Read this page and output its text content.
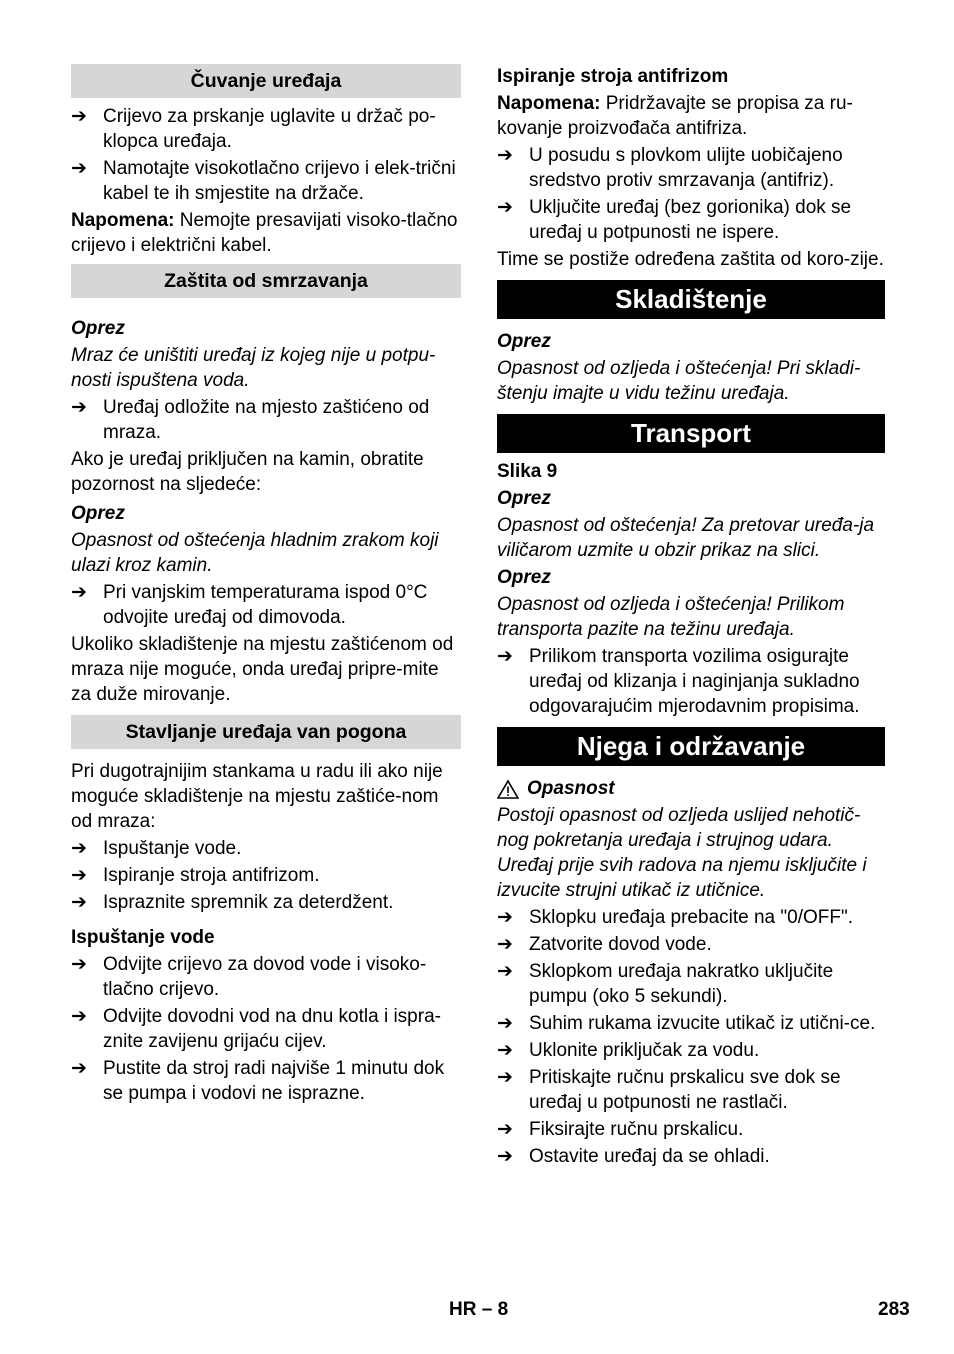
Čuvanje uređaja
➔ Crijevo za prskanje uglavite u držač po-klopca uređaja.
➔ Namotajte visokotlačno crijevo i elek-trični kabel te ih smjestite na držače.

Napomena: Nemojte presavijati visoko-tlačno crijevo i električni kabel.

Zaštita od smrzavanja

Oprez

Mraz će uništiti uređaj iz kojeg nije u potpu-nosti ispuštena voda.

➔ Uređaj odložite na mjesto zaštićeno od mraza.

Ako je uređaj priključen na kamin, obratite pozornost na sljedeće:

Oprez

Opasnost od oštećenja hladnim zrakom koji ulazi kroz kamin.

➔ Pri vanjskim temperaturama ispod 0°C odvojite uređaj od dimovoda.

Ukoliko skladištenje na mjestu zaštićenom od mraza nije moguće, onda uređaj pripre-mite za duže mirovanje.

Stavljanje uređaja van pogona

Pri dugotrajnijim stankama u radu ili ako nije moguće skladištenje na mjestu zaštiće-nom od mraza:

➔ Ispuštanje vode.
➔ Ispiranje stroja antifrizom.
➔ Ispraznite spremnik za deterdžent.

Ispuštanje vode

➔ Odvijte crijevo za dovod vode i visoko-tlačno crijevo.
➔ Odvijte dovodni vod na dnu kotla i ispra-znite zavijenu grijaću cijev.
➔ Pustite da stroj radi najviše 1 minutu dok se pumpa i vodovi ne isprazne.

Ispiranje stroja antifrizom

Napomena: Pridržavajte se propisa za ru-kovanje proizvođača antifriza.

➔ U posudu s plovkom ulijte uobičajeno sredstvo protiv smrzavanja (antifriz).
➔ Uključite uređaj (bez gorionika) dok se uređaj u potpunosti ne ispere.

Time se postiže određena zaštita od koro-zije.

Skladištenje

Oprez

Opasnost od ozljeda i oštećenja! Pri skladi-štenju imajte u vidu težinu uređaja.

Transport

Slika 9

Oprez

Opasnost od oštećenja! Za pretovar uređa-ja viličarom uzmite u obzir prikaz na slici.

Oprez

Opasnost od ozljeda i oštećenja! Prilikom transporta pazite na težinu uređaja.

➔ Prilikom transporta vozilima osigurajte uređaj od klizanja i naginjanja sukladno odgovarajućim mjerodavnim propisima.
Njega i održavanje

Opasnost

Postoji opasnost od ozljeda uslijed nehotič-nog pokretanja uređaja i strujnog udara. Uređaj prije svih radova na njemu isključite i izvucite strujni utikač iz utičnice.

➔ Sklopku uređaja prebacite na "0/OFF".
➔ Zatvorite dovod vode.
➔ Sklopkom uređaja nakratko uključite pumpu (oko 5 sekundi).
➔ Suhim rukama izvucite utikač iz utični-ce.
➔ Uklonite priključak za vodu.
➔ Pritiskajte ručnu prskalicu sve dok se uređaj u potpunosti ne rastlači.
➔ Fiksirajte ručnu prskalicu.
➔ Ostavite uređaj da se ohladi.
HR – 8	283
